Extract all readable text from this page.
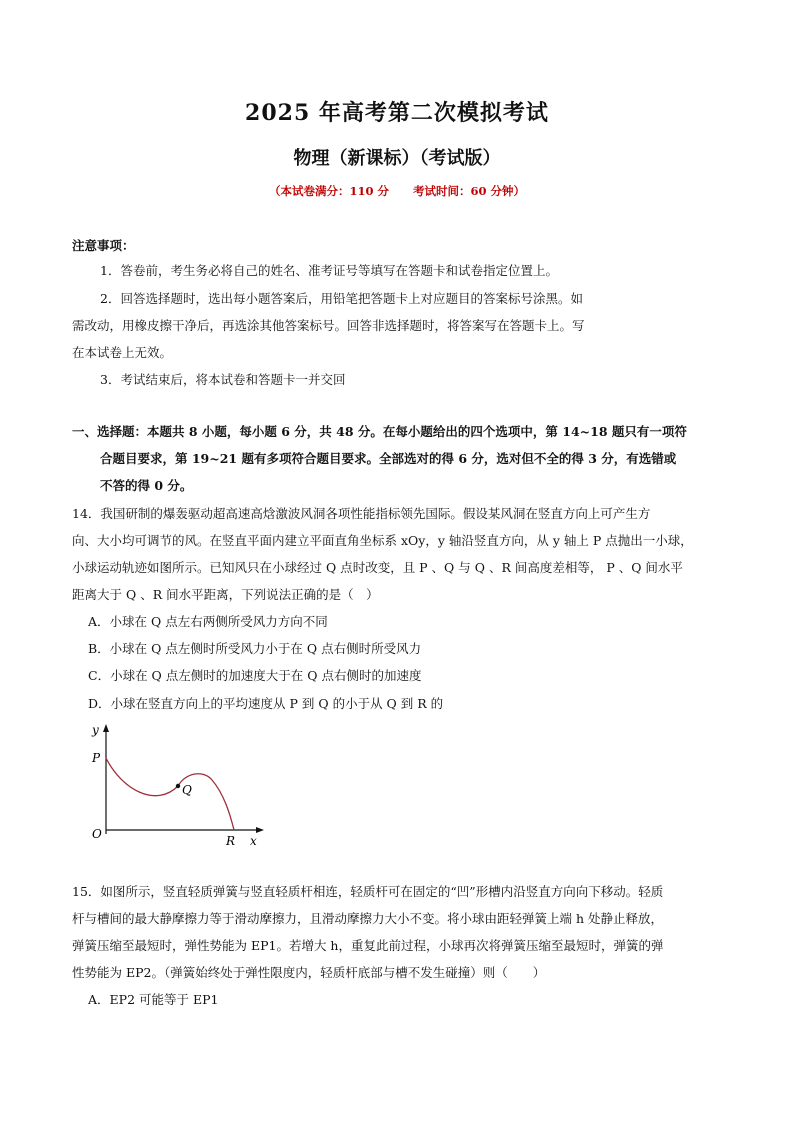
2025 年高考第二次模拟考试
物理（新课标）（考试版）
（本试卷满分：110 分 考试时间：60 分钟）
注意事项：
1．答卷前，考生务必将自己的姓名、准考证号等填写在答题卡和试卷指定位置上。
2．回答选择题时，选出每小题答案后，用铅笔把答题卡上对应题目的答案标号涂黑。如
需改动，用橡皮擦干净后，再选涂其他答案标号。回答非选择题时，将答案写在答题卡上。写
在本试卷上无效。
3．考试结束后，将本试卷和答题卡一并交回
一、选择题：本题共 8 小题，每小题 6 分，共 48 分。在每小题给出的四个选项中，第 14~18 题只有一项符
合题目要求，第 19~21 题有多项符合题目要求。全部选对的得 6 分，选对但不全的得 3 分，有选错或
不答的得 0 分。
14．我国研制的爆轰驱动超高速高焓激波风洞各项性能指标领先国际。假设某风洞在竖直方向上可产生方
向、大小均可调节的风。在竖直平面内建立平面直角坐标系 xOy，y 轴沿竖直方向，从 y 轴上 P 点抛出一小球，
小球运动轨迹如图所示。已知风只在小球经过 Q 点时改变，且 P 、Q 与 Q 、R 间高度差相等， P 、Q 间水平
距离大于 Q 、R 间水平距离，下列说法正确的是（　）
A．小球在 Q 点左右两侧所受风力方向不同
B．小球在 Q 点左侧时所受风力小于在 Q 点右侧时所受风力
C．小球在 Q 点左侧时的加速度大于在 Q 点右侧时的加速度
D．小球在竖直方向上的平均速度从 P 到 Q 的小于从 Q 到 R 的
y
P
Q
O	R x
15．如图所示，竖直轻质弹簧与竖直轻质杆相连，轻质杆可在固定的“凹”形槽内沿竖直方向向下移动。轻质
杆与槽间的最大静摩擦力等于滑动摩擦力，且滑动摩擦力大小不变。将小球由距轻弹簧上端 h 处静止释放，
弹簧压缩至最短时，弹性势能为 EP1。若增大 h，重复此前过程，小球再次将弹簧压缩至最短时，弹簧的弹
性势能为 EP2。（弹簧始终处于弹性限度内，轻质杆底部与槽不发生碰撞）则（　　）
A．EP2 可能等于 EP1
